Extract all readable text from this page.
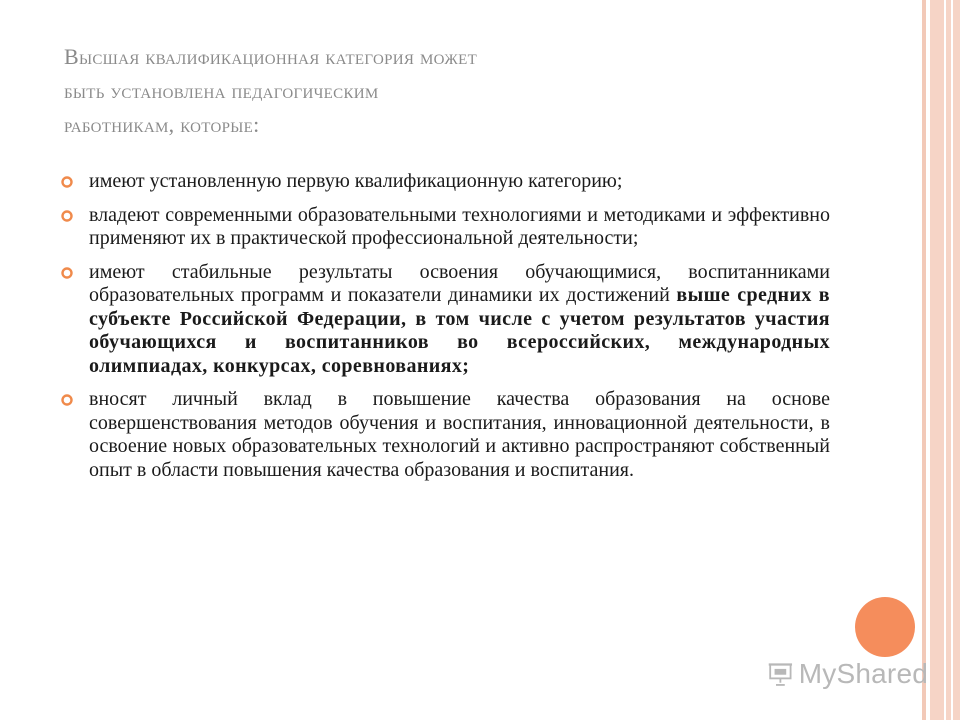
Высшая квалификационная категория может
быть установлена педагогическим
работникам, которые:
имеют установленную первую квалификационную категорию;
владеют современными образовательными технологиями и методиками и эффективно применяют их в практической профессиональной деятельности;
имеют стабильные результаты освоения обучающимися, воспитанниками образовательных программ и показатели динамики их достижений выше средних в субъекте Российской Федерации, в том числе с учетом результатов участия обучающихся и воспитанников во всероссийских, международных олимпиадах, конкурсах, соревнованиях;
вносят личный вклад в повышение качества образования на основе совершенствования методов обучения и воспитания, инновационной деятельности, в освоение новых образовательных технологий и активно распространяют собственный опыт в области повышения качества образования и воспитания.
MyShared
